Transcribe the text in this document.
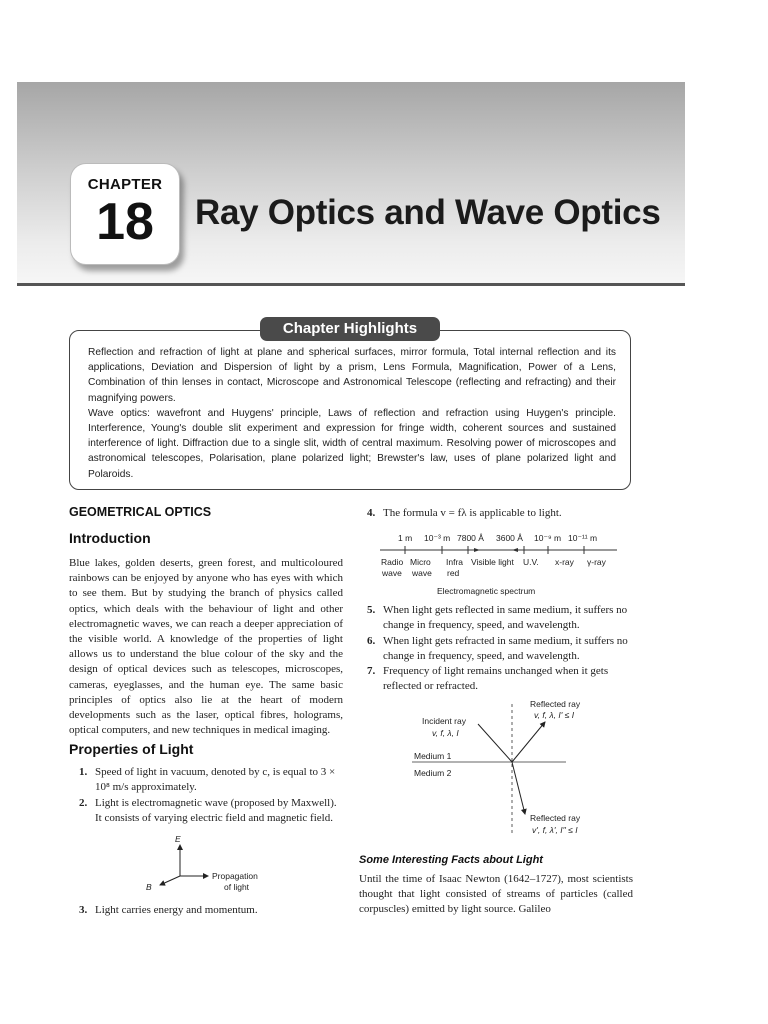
CHAPTER
18	Ray Optics and Wave Optics
Chapter Highlights

Reflection and refraction of light at plane and spherical surfaces, mirror formula, Total internal reflection and its applications, Deviation and Dispersion of light by a prism, Lens Formula, Magnification, Power of a Lens, Combination of thin lenses in contact, Microscope and Astronomical Telescope (reflecting and refracting) and their magnifying powers.

Wave optics: wavefront and Huygens' principle, Laws of reflection and refraction using Huygen's principle. Interference, Young's double slit experiment and expression for fringe width, coherent sources and sustained interference of light. Diffraction due to a single slit, width of central maximum. Resolving power of microscopes and astronomical telescopes, Polarisation, plane polarized light; Brewster's law, uses of plane polarized light and Polaroids.

GEOMETRICAL OPTICS
Introduction

Blue lakes, golden deserts, green forest, and multicoloured rainbows can be enjoyed by anyone who has eyes with which to see them. But by studying the branch of physics called optics, which deals with the behaviour of light and other electromagnetic waves, we can reach a deeper appreciation of the visible world. A knowledge of the properties of light allows us to understand the blue colour of the sky and the design of optical devices such as telescopes, microscopes, cameras, eyeglasses, and the human eye. The same basic principles of optics also lie at the heart of modern developments such as the laser, optical fibres, holograms, optical computers, and new techniques in medical imaging.

Properties of Light
1. Speed of light in vacuum, denoted by c, is equal to 3 × 10⁸ m/s approximately.
2. Light is electromagnetic wave (proposed by Maxwell). It consists of varying electric field and magnetic field.
E
B
Propagation
of light
3. Light carries energy and momentum.
4. The formula v = fλ is applicable to light.
1 m 10⁻³ m 7800 Å 3600 Å 10⁻⁹ m 10⁻¹¹ m
Radio
wave
Micro
wave
Infra
red
Visible light U.V. x-ray γ-ray
Electromagnetic spectrum
5. When light gets reflected in same medium, it suffers no change in frequency, speed, and wavelength.
6. When light gets refracted in same medium, it suffers no change in frequency, speed, and wavelength.
7. Frequency of light remains unchanged when it gets reflected or refracted.
Reflected ray
v, f, λ, I' ≤ I
Incident ray
v, f, λ, I
Medium 1
Medium 2
Reflected ray
v', f, λ', I'' ≤ I
Some Interesting Facts about Light

Until the time of Isaac Newton (1642–1727), most scientists thought that light consisted of streams of particles (called corpuscles) emitted by light source. Galileo
